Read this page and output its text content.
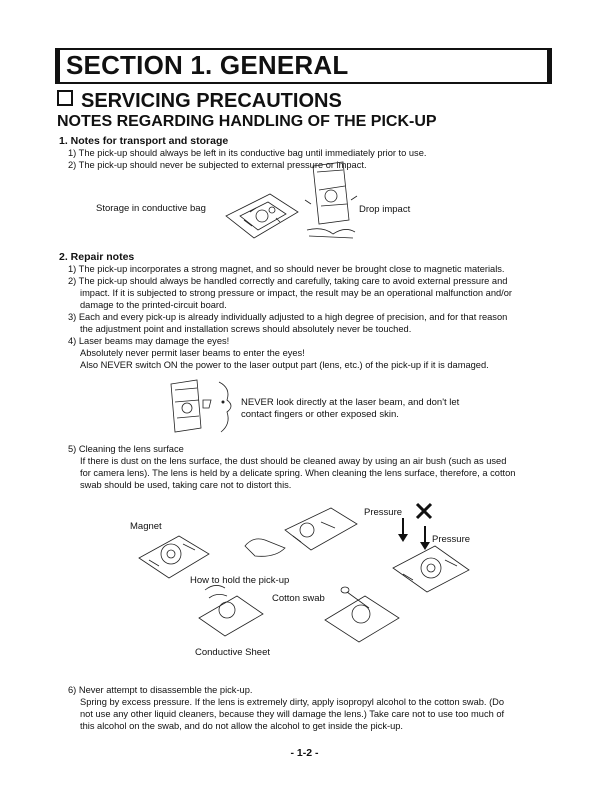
SECTION 1. GENERAL
SERVICING PRECAUTIONS
NOTES REGARDING HANDLING OF THE PICK-UP
1. Notes for transport and storage
1) The pick-up should always be left in its conductive bag until immediately prior to use.
2) The pick-up should never be subjected to external pressure or impact.
Storage in conductive bag	Drop impact
2. Repair notes
1) The pick-up incorporates a strong magnet, and so should never be brought close to magnetic materials.
2) The pick-up should always be handled correctly and carefully, taking care to avoid external pressure and
impact. If it is subjected to strong pressure or impact, the result may be an operational malfunction and/or
damage to the printed-circuit board.
3) Each and every pick-up is already individually adjusted to a high degree of precision, and for that reason
the adjustment point and installation screws should absolutely never be touched.
4) Laser beams may damage the eyes!
Absolutely never permit laser beams to enter the eyes!
Also NEVER switch ON the power to the laser output part (lens, etc.) of the pick-up if it is damaged.
NEVER look directly at the laser beam, and don't let
contact fingers or other exposed skin.
5) Cleaning the lens surface
If there is dust on the lens surface, the dust should be cleaned away by using an air bush (such as used
for camera lens). The lens is held by a delicate spring. When cleaning the lens surface, therefore, a cotton
swab should be used, taking care not to distort this.
Magnet
Pressure
Pressure
How to hold the pick-up
Cotton swab
Conductive Sheet
6) Never attempt to disassemble the pick-up.
Spring by excess pressure. If the lens is extremely dirty, apply isopropyl alcohol to the cotton swab. (Do
not use any other liquid cleaners, because they will damage the lens.) Take care not to use too much of
this alcohol on the swab, and do not allow the alcohol to get inside the pick-up.
- 1-2 -
